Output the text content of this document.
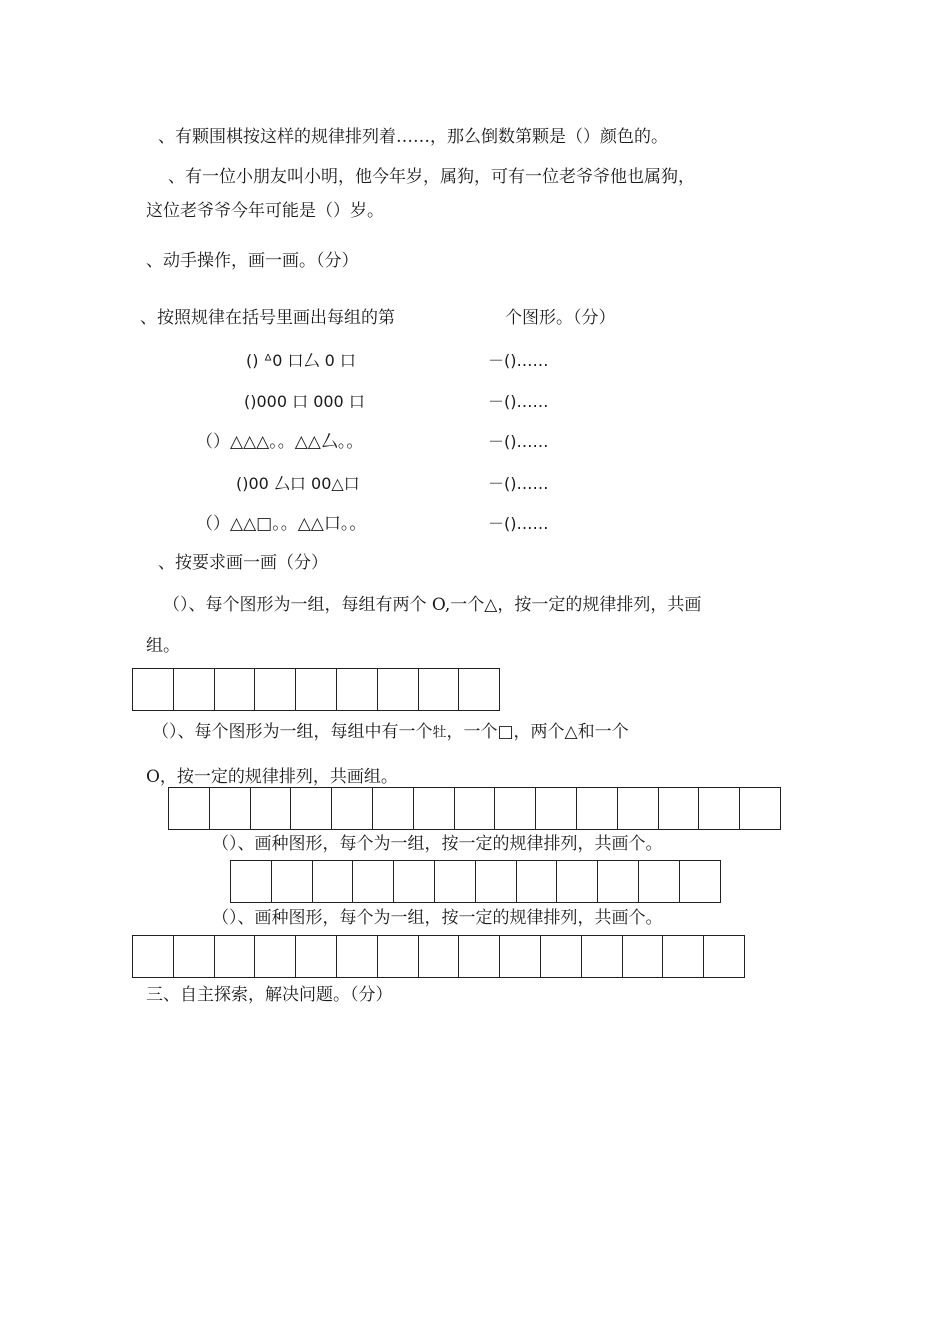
、有颗围棋按这样的规律排列着……，那么倒数第颗是（）颜色的。
、有一位小朋友叫小明，他今年岁，属狗，可有一位老爷爷他也属狗，
这位老爷爷今年可能是（）岁。
、动手操作，画一画。（分）
、按照规律在括号里画出每组的第	个图形。（分）
() ᐞ0 口厶 0 口	－()……
()000 口 000 口	－()……
（）△△△。。△△厶。。	－()……
()00 厶口 00△口	－()……
（）△△□。。△△口。。	－()……
、按要求画一画（分）
（）、每个图形为一组，每组有两个 O,一个△，按一定的规律排列，共画
组。
（）、每个图形为一组，每组中有一个牡，一个□，两个△和一个
O，按一定的规律排列，共画组。
（）、画种图形，每个为一组，按一定的规律排列，共画个。
（）、画种图形，每个为一组，按一定的规律排列，共画个。
三、自主探索，解决问题。（分）
